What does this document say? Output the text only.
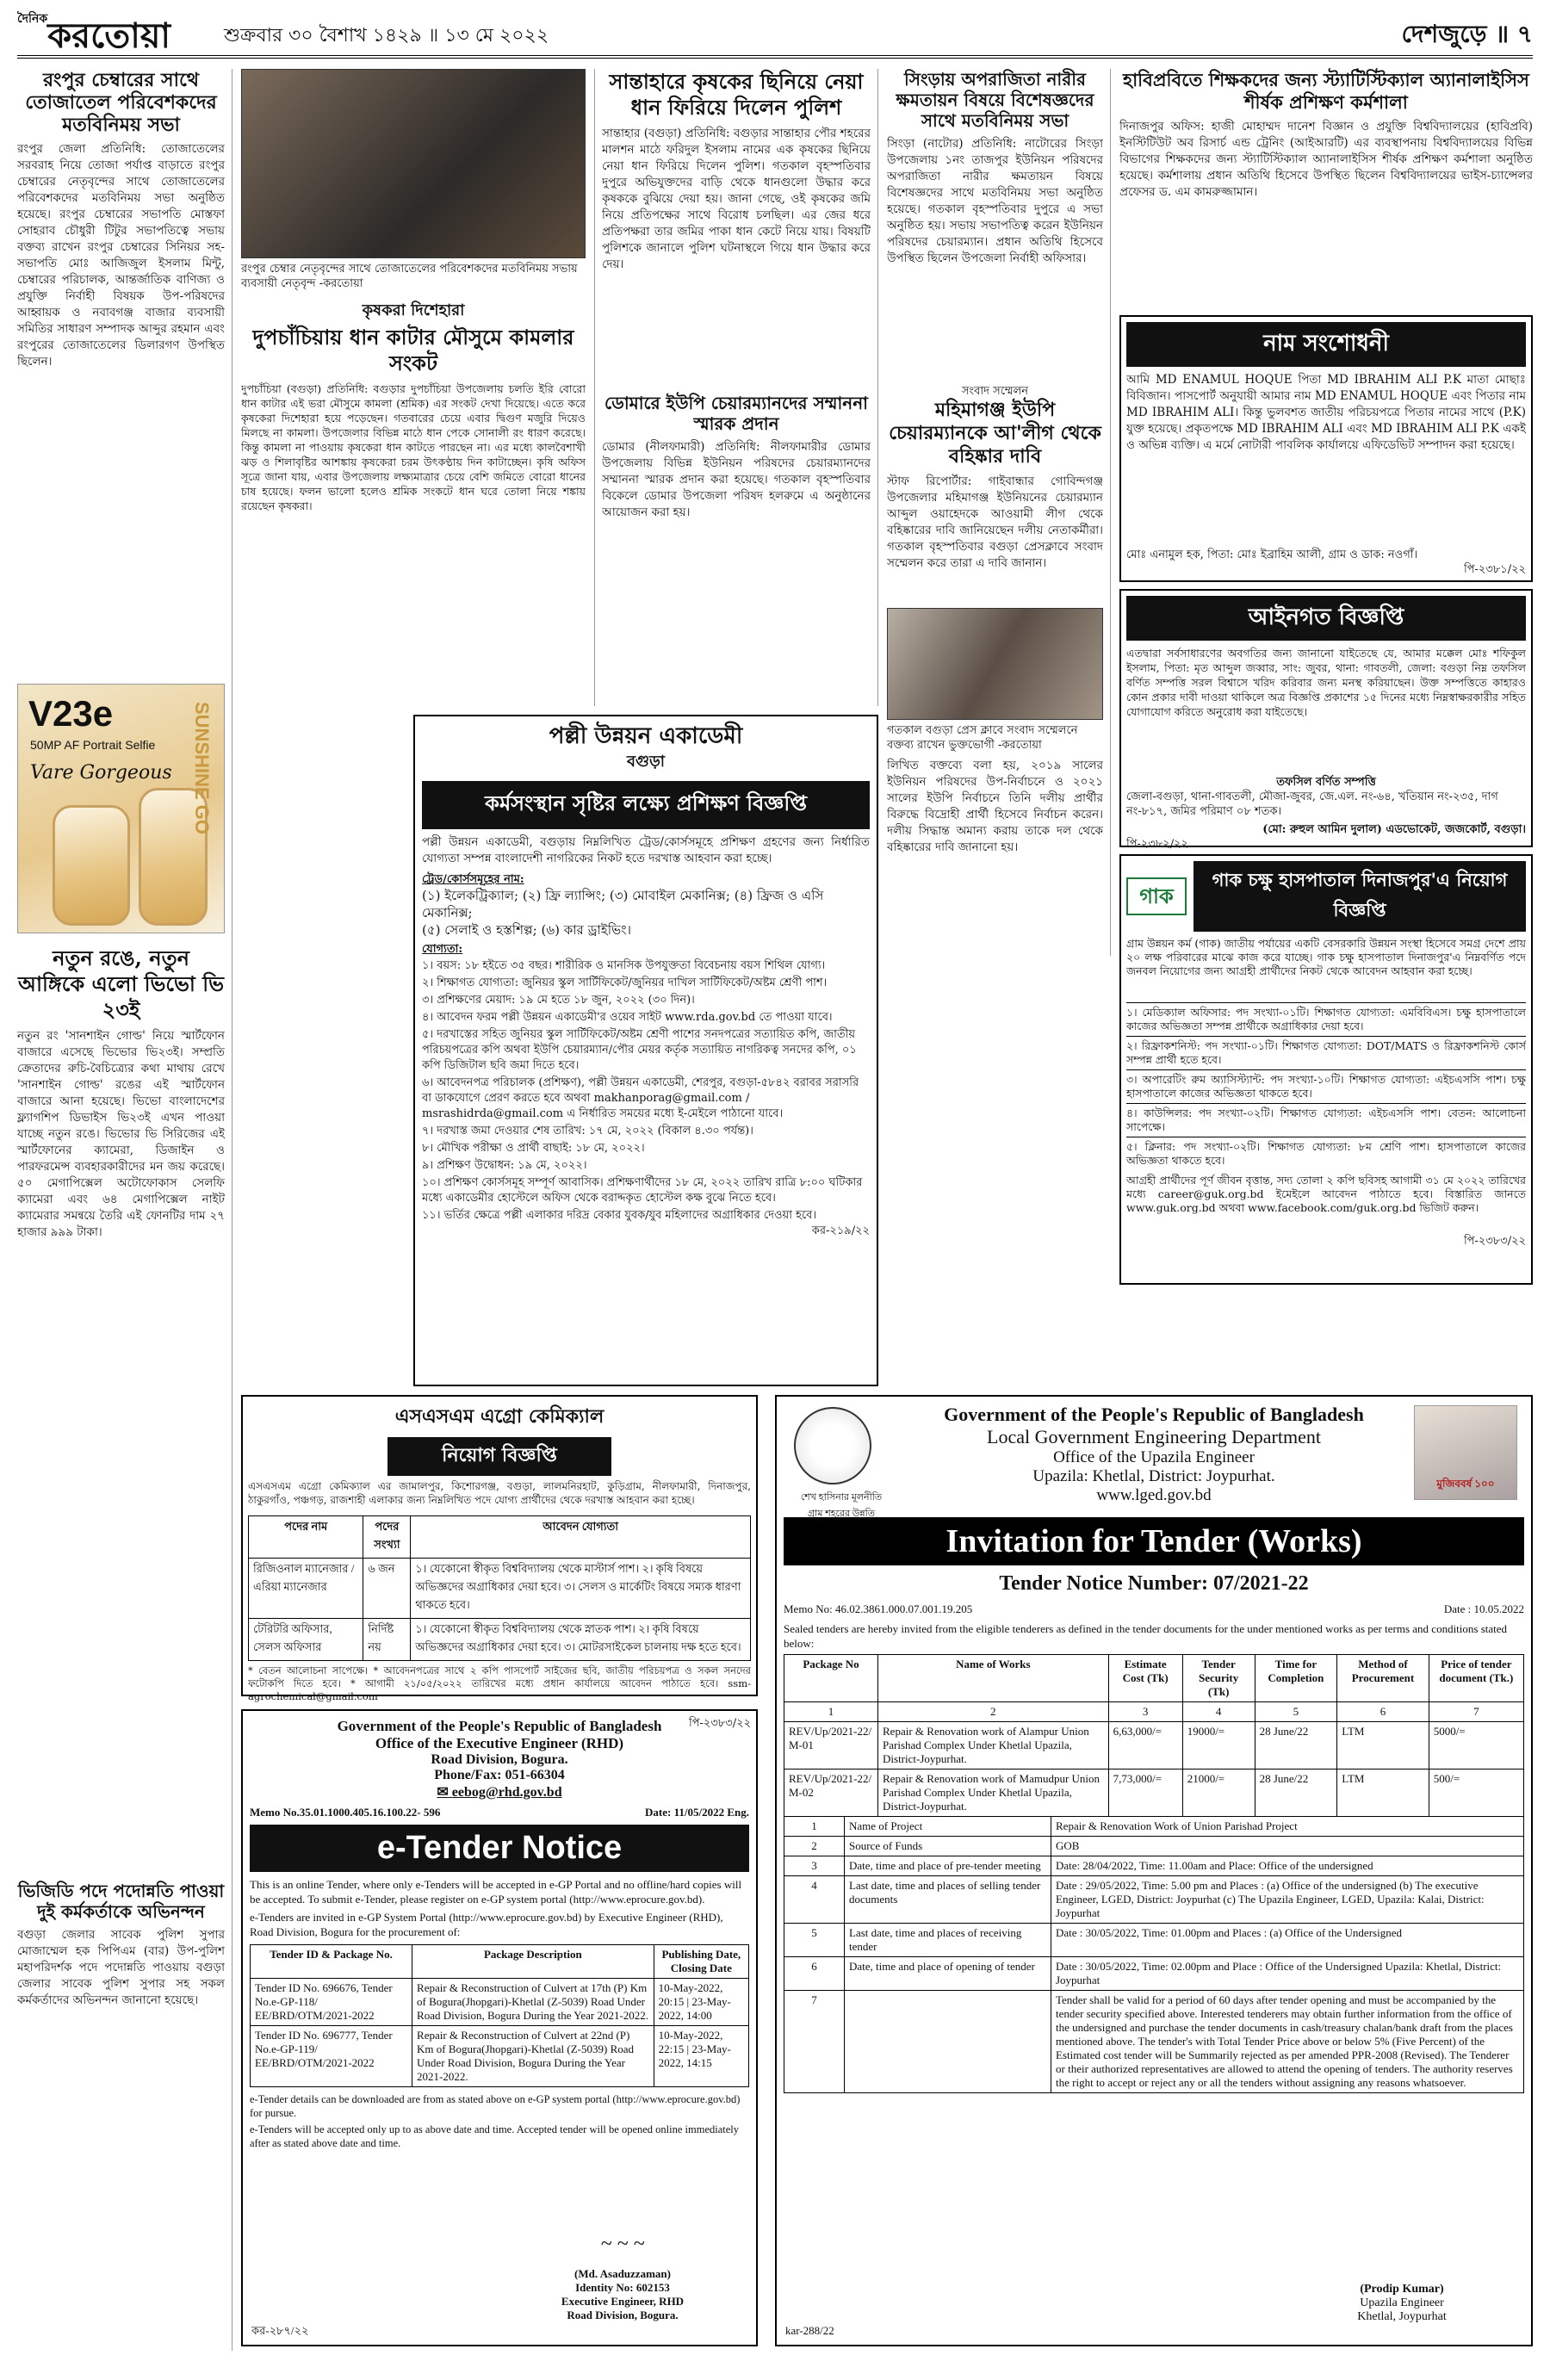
$^{দৈনিক}$করতোয়া	শুক্রবার ৩০ বৈশাখ ১৪২৯ ॥ ১৩ মে ২০২২	দেশজুড়ে ॥ ৭
রংপুর চেম্বারের সাথে তোজাতেল পরিবেশকদের মতবিনিময় সভা
রংপুর জেলা প্রতিনিধি: তোজাতেলের সরবরাহ নিয়ে তোজা পর্যাপ্ত বাড়াতে রংপুর চেম্বারের নেতৃবৃন্দের সাথে তোজাতেলের পরিবেশকদের মতবিনিময় সভা অনুষ্ঠিত হয়েছে। রংপুর চেম্বারের সভাপতি মোস্তফা সোহরাব চৌধুরী টিটুর সভাপতিত্বে সভায় বক্তব্য রাখেন রংপুর চেম্বারের সিনিয়র সহ-সভাপতি মোঃ আজিজুল ইসলাম মিন্টু, চেম্বারের পরিচালক, আন্তর্জাতিক বাণিজ্য ও প্রযুক্তি নির্বাহী বিষয়ক উপ-পরিষদের আহ্বায়ক ও নবাবগঞ্জ বাজার ব্যবসায়ী সমিতির সাধারণ সম্পাদক আব্দুর রহমান এবং রংপুরের তোজাতেলের ডিলারগণ উপস্থিত ছিলেন।
V23e
50MP AF Portrait Selfie
Vare Gorgeous SUNSHINE GO
নতুন রঙে, নতুন আঙ্গিকে এলো ভিভো ভি ২৩ই
নতুন রং 'সানশাইন গোল্ড' নিয়ে স্মার্টফোন বাজারে এসেছে ভিভোর ভি২৩ই। সম্প্রতি ক্রেতাদের রুচি-বৈচিত্র্যের কথা মাথায় রেখে 'সানশাইন গোল্ড' রঙের এই স্মার্টফোন বাজারে আনা হয়েছে। ভিভো বাংলাদেশের ফ্ল্যাগশিপ ডিভাইস ভি২৩ই এখন পাওয়া যাচ্ছে নতুন রঙে। ভিভোর ভি সিরিজের এই স্মার্টফোনের ক্যামেরা, ডিজাইন ও পারফরমেন্স ব্যবহারকারীদের মন জয় করেছে। ৫০ মেগাপিক্সেল অটোফোকাস সেলফি ক্যামেরা এবং ৬৪ মেগাপিক্সেল নাইট ক্যামেরার সমন্বয়ে তৈরি এই ফোনটির দাম ২৭ হাজার ৯৯৯ টাকা।
ভিজিডি পদে পদোন্নতি পাওয়া দুই কর্মকর্তাকে অভিনন্দন
বগুড়া জেলার সাবেক পুলিশ সুপার মোজাম্মেল হক পিপিএম (বার) উপ-পুলিশ মহাপরিদর্শক পদে পদোন্নতি পাওয়ায় বগুড়া জেলার সাবেক পুলিশ সুপার সহ সকল কর্মকর্তাদের অভিনন্দন জানানো হয়েছে।
রংপুর চেম্বার নেতৃবৃন্দের সাথে তোজাতেলের পরিবেশকদের মতবিনিময় সভায় ব্যবসায়ী নেতৃবৃন্দ -করতোয়া
কৃষকরা দিশেহারা
দুপচাঁচিয়ায় ধান কাটার মৌসুমে কামলার সংকট
দুপচাঁচিয়া (বগুড়া) প্রতিনিধি: বগুড়ার দুপচাঁচিয়া উপজেলায় চলতি ইরি বোরো ধান কাটার এই ভরা মৌসুমে কামলা (শ্রমিক) এর সংকট দেখা দিয়েছে। এতে করে কৃষকেরা দিশেহারা হয়ে পড়েছেন। গতবারের চেয়ে এবার দ্বিগুণ মজুরি দিয়েও মিলছে না কামলা। উপজেলার বিভিন্ন মাঠে ধান পেকে সোনালী রং ধারণ করেছে। কিন্তু কামলা না পাওয়ায় কৃষকেরা ধান কাটতে পারছেন না। এর মধ্যে কালবৈশাখী ঝড় ও শিলাবৃষ্টির আশঙ্কায় কৃষকেরা চরম উৎকণ্ঠায় দিন কাটাচ্ছেন। কৃষি অফিস সূত্রে জানা যায়, এবার উপজেলায় লক্ষ্যমাত্রার চেয়ে বেশি জমিতে বোরো ধানের চাষ হয়েছে। ফলন ভালো হলেও শ্রমিক সংকটে ধান ঘরে তোলা নিয়ে শঙ্কায় রয়েছেন কৃষকরা।
সান্তাহারে কৃষকের ছিনিয়ে নেয়া ধান ফিরিয়ে দিলেন পুলিশ
সান্তাহার (বগুড়া) প্রতিনিধি: বগুড়ার সান্তাহার পৌর শহরের মালশন মাঠে ফরিদুল ইসলাম নামের এক কৃষকের ছিনিয়ে নেয়া ধান ফিরিয়ে দিলেন পুলিশ। গতকাল বৃহস্পতিবার দুপুরে অভিযুক্তদের বাড়ি থেকে ধানগুলো উদ্ধার করে কৃষককে বুঝিয়ে দেয়া হয়। জানা গেছে, ওই কৃষকের জমি নিয়ে প্রতিপক্ষের সাথে বিরোধ চলছিল। এর জের ধরে প্রতিপক্ষরা তার জমির পাকা ধান কেটে নিয়ে যায়। বিষয়টি পুলিশকে জানালে পুলিশ ঘটনাস্থলে গিয়ে ধান উদ্ধার করে দেয়।
ডোমারে ইউপি চেয়ারম্যানদের সম্মাননা স্মারক প্রদান
ডোমার (নীলফামারী) প্রতিনিধি: নীলফামারীর ডোমার উপজেলায় বিভিন্ন ইউনিয়ন পরিষদের চেয়ারম্যানদের সম্মাননা স্মারক প্রদান করা হয়েছে। গতকাল বৃহস্পতিবার বিকেলে ডোমার উপজেলা পরিষদ হলরুমে এ অনুষ্ঠানের আয়োজন করা হয়।
সিংড়ায় অপরাজিতা নারীর ক্ষমতায়ন বিষয়ে বিশেষজ্ঞদের সাথে মতবিনিময় সভা
সিংড়া (নাটোর) প্রতিনিধি: নাটোরের সিংড়া উপজেলায় ১নং তাজপুর ইউনিয়ন পরিষদের অপরাজিতা নারীর ক্ষমতায়ন বিষয়ে বিশেষজ্ঞদের সাথে মতবিনিময় সভা অনুষ্ঠিত হয়েছে। গতকাল বৃহস্পতিবার দুপুরে এ সভা অনুষ্ঠিত হয়। সভায় সভাপতিত্ব করেন ইউনিয়ন পরিষদের চেয়ারম্যান। প্রধান অতিথি হিসেবে উপস্থিত ছিলেন উপজেলা নির্বাহী অফিসার।
সংবাদ সম্মেলন
মহিমাগঞ্জ ইউপি চেয়ারম্যানকে আ'লীগ থেকে বহিষ্কার দাবি
স্টাফ রিপোর্টার: গাইবান্ধার গোবিন্দগঞ্জ উপজেলার মহিমাগঞ্জ ইউনিয়নের চেয়ারম্যান আব্দুল ওয়াহেদকে আওয়ামী লীগ থেকে বহিষ্কারের দাবি জানিয়েছেন দলীয় নেতাকর্মীরা। গতকাল বৃহস্পতিবার বগুড়া প্রেসক্লাবে সংবাদ সম্মেলন করে তারা এ দাবি জানান।
গতকাল বগুড়া প্রেস ক্লাবে সংবাদ সম্মেলনে বক্তব্য রাখেন ভুক্তভোগী -করতোয়া
লিখিত বক্তব্যে বলা হয়, ২০১৯ সালের ইউনিয়ন পরিষদের উপ-নির্বাচনে ও ২০২১ সালের ইউপি নির্বাচনে তিনি দলীয় প্রার্থীর বিরুদ্ধে বিদ্রোহী প্রার্থী হিসেবে নির্বাচন করেন। দলীয় সিদ্ধান্ত অমান্য করায় তাকে দল থেকে বহিষ্কারের দাবি জানানো হয়।
হাবিপ্রবিতে শিক্ষকদের জন্য স্ট্যাটিস্টিক্যাল অ্যানালাইসিস শীর্ষক প্রশিক্ষণ কর্মশালা
দিনাজপুর অফিস: হাজী মোহাম্মদ দানেশ বিজ্ঞান ও প্রযুক্তি বিশ্ববিদ্যালয়ের (হাবিপ্রবি) ইনস্টিটিউট অব রিসার্চ এন্ড ট্রেনিং (আইআরটি) এর ব্যবস্থাপনায় বিশ্ববিদ্যালয়ের বিভিন্ন বিভাগের শিক্ষকদের জন্য স্ট্যাটিস্টিক্যাল অ্যানালাইসিস শীর্ষক প্রশিক্ষণ কর্মশালা অনুষ্ঠিত হয়েছে। কর্মশালায় প্রধান অতিথি হিসেবে উপস্থিত ছিলেন বিশ্ববিদ্যালয়ের ভাইস-চ্যান্সেলর প্রফেসর ড. এম কামরুজ্জামান।
নাম সংশোধনী
আমি MD ENAMUL HOQUE পিতা MD IBRAHIM ALI P.K মাতা মোছাঃ বিবিজান। পাসপোর্ট অনুযায়ী আমার নাম MD ENAMUL HOQUE এবং পিতার নাম MD IBRAHIM ALI। কিন্তু ভুলবশত জাতীয় পরিচয়পত্রে পিতার নামের সাথে (P.K) যুক্ত হয়েছে। প্রকৃতপক্ষে MD IBRAHIM ALI এবং MD IBRAHIM ALI P.K একই ও অভিন্ন ব্যক্তি। এ মর্মে নোটারী পাবলিক কার্যালয়ে এফিডেভিট সম্পাদন করা হয়েছে।
মোঃ এনামুল হক, পিতা: মোঃ ইব্রাহিম আলী, গ্রাম ও ডাক: নওগাঁ।
পি-২৩৮১/২২
আইনগত বিজ্ঞপ্তি
এতদ্বারা সর্বসাধারণের অবগতির জন্য জানানো যাইতেছে যে, আমার মক্কেল মোঃ শফিকুল ইসলাম, পিতা: মৃত আব্দুল জব্বার, সাং: জুবর, থানা: গাবতলী, জেলা: বগুড়া নিম্ন তফসিল বর্ণিত সম্পত্তি সরল বিশ্বাসে খরিদ করিবার জন্য মনস্থ করিয়াছেন। উক্ত সম্পত্তিতে কাহারও কোন প্রকার দাবী দাওয়া থাকিলে অত্র বিজ্ঞপ্তি প্রকাশের ১৫ দিনের মধ্যে নিম্নস্বাক্ষরকারীর সহিত যোগাযোগ করিতে অনুরোধ করা যাইতেছে।
তফসিল বর্ণিত সম্পত্তি
জেলা-বগুড়া, থানা-গাবতলী, মৌজা-জুবর, জে.এল. নং-৬৪, খতিয়ান নং-২৩৫, দাগ নং-৮১৭, জমির পরিমাণ ০৮ শতক।
(মো: রুহুল আমিন দুলাল) এডভোকেট, জজকোর্ট, বগুড়া।
পি-২৩৮২/২২
গাক
গাক চক্ষু হাসপাতাল দিনাজপুর'এ নিয়োগ বিজ্ঞপ্তি
গ্রাম উন্নয়ন কর্ম (গাক) জাতীয় পর্যায়ের একটি বেসরকারি উন্নয়ন সংস্থা হিসেবে সমগ্র দেশে প্রায় ২০ লক্ষ পরিবারের মাঝে কাজ করে যাচ্ছে। গাক চক্ষু হাসপাতাল দিনাজপুর'এ নিম্নবর্ণিত পদে জনবল নিয়োগের জন্য আগ্রহী প্রার্থীদের নিকট থেকে আবেদন আহবান করা হচ্ছে।
১। মেডিক্যাল অফিসার: পদ সংখ্যা-০১টি। শিক্ষাগত যোগ্যতা: এমবিবিএস। চক্ষু হাসপাতালে কাজের অভিজ্ঞতা সম্পন্ন প্রার্থীকে অগ্রাধিকার দেয়া হবে।
২। রিফ্রাকশনিস্ট: পদ সংখ্যা-০১টি। শিক্ষাগত যোগ্যতা: DOT/MATS ও রিফ্রাকশনিস্ট কোর্স সম্পন্ন প্রার্থী হতে হবে।
৩। অপারেটিং রুম অ্যাসিস্ট্যান্ট: পদ সংখ্যা-১০টি। শিক্ষাগত যোগ্যতা: এইচএসসি পাশ। চক্ষু হাসপাতালে কাজের অভিজ্ঞতা থাকতে হবে।
৪। কাউন্সিলর: পদ সংখ্যা-০২টি। শিক্ষাগত যোগ্যতা: এইচএসসি পাশ। বেতন: আলোচনা সাপেক্ষে।
৫। ক্লিনার: পদ সংখ্যা-০২টি। শিক্ষাগত যোগ্যতা: ৮ম শ্রেণি পাশ। হাসপাতালে কাজের অভিজ্ঞতা থাকতে হবে।
আগ্রহী প্রার্থীদের পূর্ণ জীবন বৃত্তান্ত, সদ্য তোলা ২ কপি ছবিসহ আগামী ৩১ মে ২০২২ তারিখের মধ্যে career@guk.org.bd ইমেইলে আবেদন পাঠাতে হবে। বিস্তারিত জানতে www.guk.org.bd অথবা www.facebook.com/guk.org.bd ভিজিট করুন।
পি-২৩৮৩/২২
পল্লী উন্নয়ন একাডেমী
বগুড়া
কর্মসংস্থান সৃষ্টির লক্ষ্যে প্রশিক্ষণ বিজ্ঞপ্তি
পল্লী উন্নয়ন একাডেমী, বগুড়ায় নিম্নলিখিত ট্রেড/কোর্সসমূহে প্রশিক্ষণ গ্রহণের জন্য নির্ধারিত যোগ্যতা সম্পন্ন বাংলাদেশী নাগরিকের নিকট হতে দরখাস্ত আহবান করা হচ্ছে।
ট্রেড/কোর্সসমূহের নাম:
(১) ইলেকট্রিক্যাল; (২) ফ্রি ল্যান্সিং; (৩) মোবাইল মেকানিক্স; (৪) ফ্রিজ ও এসি মেকানিক্স;
(৫) সেলাই ও হস্তশিল্প; (৬) কার ড্রাইভিং।
যোগ্যতা:
১। বয়স: ১৮ হইতে ৩৫ বছর। শারীরিক ও মানসিক উপযুক্ততা বিবেচনায় বয়স শিথিল যোগ্য।
২। শিক্ষাগত যোগ্যতা: জুনিয়র স্কুল সার্টিফিকেট/জুনিয়র দাখিল সার্টিফিকেট/অষ্টম শ্রেণী পাশ।
৩। প্রশিক্ষণের মেয়াদ: ১৯ মে হতে ১৮ জুন, ২০২২ (৩০ দিন)।
৪। আবেদন ফরম পল্লী উন্নয়ন একাডেমী'র ওয়েব সাইট www.rda.gov.bd তে পাওয়া যাবে।
৫। দরখাস্তের সহিত জুনিয়র স্কুল সার্টিফিকেট/অষ্টম শ্রেণী পাশের সনদপত্রের সত্যায়িত কপি, জাতীয় পরিচয়পত্রের কপি অথবা ইউপি চেয়ারম্যান/পৌর মেয়র কর্তৃক সত্যায়িত নাগরিকত্ব সনদের কপি, ০১ কপি ডিজিটাল ছবি জমা দিতে হবে।
৬। আবেদনপত্র পরিচালক (প্রশিক্ষণ), পল্লী উন্নয়ন একাডেমী, শেরপুর, বগুড়া-৫৮৪২ বরাবর সরাসরি বা ডাকযোগে প্রেরণ করতে হবে অথবা makhanporag@gmail.com / msrashidrda@gmail.com এ নির্ধারিত সময়ের মধ্যে ই-মেইলে পাঠানো যাবে।
৭। দরখাস্ত জমা দেওয়ার শেষ তারিখ: ১৭ মে, ২০২২ (বিকাল ৪.৩০ পর্যন্ত)।
৮। মৌখিক পরীক্ষা ও প্রার্থী বাছাই: ১৮ মে, ২০২২।
৯। প্রশিক্ষণ উদ্বোধন: ১৯ মে, ২০২২।
১০। প্রশিক্ষণ কোর্সসমূহ সম্পূর্ণ আবাসিক। প্রশিক্ষণার্থীদের ১৮ মে, ২০২২ তারিখ রাত্রি ৮:০০ ঘটিকার মধ্যে একাডেমীর হোস্টেলে অফিস থেকে বরাদ্দকৃত হোস্টেল কক্ষ বুঝে নিতে হবে।
১১। ভর্তির ক্ষেত্রে পল্লী এলাকার দরিদ্র বেকার যুবক/যুব মহিলাদের অগ্রাধিকার দেওয়া হবে।
কর-২১৯/২২
এসএসএম এগ্রো কেমিক্যাল
নিয়োগ বিজ্ঞপ্তি
এসএসএম এগ্রো কেমিক্যাল এর জামালপুর, কিশোরগঞ্জ, বগুড়া, লালমনিরহাট, কুড়িগ্রাম, নীলফামারী, দিনাজপুর, ঠাকুরগাঁও, পঞ্চগড়, রাজশাহী এলাকার জন্য নিম্নলিখিত পদে যোগ্য প্রার্থীদের থেকে দরখাস্ত আহবান করা হচ্ছে।
পদের নাম	পদের সংখ্যা	আবেদন যোগ্যতা
রিজিওনাল ম্যানেজার / এরিয়া ম্যানেজার	৬ জন	১। যেকোনো স্বীকৃত বিশ্ববিদ্যালয় থেকে মাস্টার্স পাশ। ২। কৃষি বিষয়ে অভিজ্ঞদের অগ্রাধিকার দেয়া হবে। ৩। সেলস ও মার্কেটিং বিষয়ে সম্যক ধারণা থাকতে হবে।
টেরিটরি অফিসার, সেলস অফিসার	নির্দিষ্ট নয়	১। যেকোনো স্বীকৃত বিশ্ববিদ্যালয় থেকে স্নাতক পাশ। ২। কৃষি বিষয়ে অভিজ্ঞদের অগ্রাধিকার দেয়া হবে। ৩। মোটরসাইকেল চালনায় দক্ষ হতে হবে।
* বেতন আলোচনা সাপেক্ষে। * আবেদনপত্রের সাথে ২ কপি পাসপোর্ট সাইজের ছবি, জাতীয় পরিচয়পত্র ও সকল সনদের ফটোকপি দিতে হবে। * আগামী ২১/০৫/২০২২ তারিখের মধ্যে প্রধান কার্যালয়ে আবেদন পাঠাতে হবে। ssm-agrochemical@gmail.com
পি-২৩৮৩/২২
Government of the People's Republic of Bangladesh
Office of the Executive Engineer (RHD)
Road Division, Bogura.
Phone/Fax: 051-66304
✉ eebog@rhd.gov.bd
Memo No.35.01.1000.405.16.100.22- 596	Date: 11/05/2022 Eng.
e-Tender Notice
This is an online Tender, where only e-Tenders will be accepted in e-GP Portal and no offline/hard copies will be accepted. To submit e-Tender, please register on e-GP system portal (http://www.eprocure.gov.bd).
e-Tenders are invited in e-GP System Portal (http://www.eprocure.gov.bd) by Executive Engineer (RHD), Road Division, Bogura for the procurement of:
Tender ID & Package No.	Package Description	Publishing Date, Closing Date
Tender ID No. 696676, Tender No.e-GP-118/ EE/BRD/OTM/2021-2022	Repair & Reconstruction of Culvert at 17th (P) Km of Bogura(Jhopgari)-Khetlal (Z-5039) Road Under Road Division, Bogura During the Year 2021-2022.	10-May-2022, 20:15 | 23-May-2022, 14:00
Tender ID No. 696777, Tender No.e-GP-119/ EE/BRD/OTM/2021-2022	Repair & Reconstruction of Culvert at 22nd (P) Km of Bogura(Jhopgari)-Khetlal (Z-5039) Road Under Road Division, Bogura During the Year 2021-2022.	10-May-2022, 22:15 | 23-May-2022, 14:15
e-Tender details can be downloaded are from as stated above on e-GP system portal (http://www.eprocure.gov.bd) for pursue.
e-Tenders will be accepted only up to as above date and time. Accepted tender will be opened online immediately after as stated above date and time.
~ ~ ~
(Md. Asaduzzaman)
Identity No: 602153
Executive Engineer, RHD
Road Division, Bogura.
কর-২৮৭/২২
শেখ হাসিনার মূলনীতি গ্রাম শহরের উন্নতি
মুজিববর্ষ ১০০
Government of the People's Republic of Bangladesh
Local Government Engineering Department
Office of the Upazila Engineer
Upazila: Khetlal, District: Joypurhat.
www.lged.gov.bd
Invitation for Tender (Works)
Tender Notice Number: 07/2021-22
Memo No: 46.02.3861.000.07.001.19.205	Date : 10.05.2022
Sealed tenders are hereby invited from the eligible tenderers as defined in the tender documents for the under mentioned works as per terms and conditions stated below:
Package No	Name of Works	Estimate Cost (Tk)	Tender Security (Tk)	Time for Completion	Method of Procurement	Price of tender document (Tk.)
1	2	3	4	5	6	7
REV/Up/2021-22/ M-01	Repair & Renovation work of Alampur Union Parishad Complex Under Khetlal Upazila, District-Joypurhat.	6,63,000/=	19000/=	28 June/22	LTM	5000/=
REV/Up/2021-22/ M-02	Repair & Renovation work of Mamudpur Union Parishad Complex Under Khetlal Upazila, District-Joypurhat.	7,73,000/=	21000/=	28 June/22	LTM	500/=
1	Name of Project	Repair & Renovation Work of Union Parishad Project
2	Source of Funds	GOB
3	Date, time and place of pre-tender meeting	Date: 28/04/2022, Time: 11.00am and Place: Office of the undersigned
4	Last date, time and places of selling tender documents	Date : 29/05/2022, Time: 5.00 pm and Places : (a) Office of the undersigned (b) The executive Engineer, LGED, District: Joypurhat (c) The Upazila Engineer, LGED, Upazila: Kalai, District: Joypurhat
5	Last date, time and places of receiving tender	Date : 30/05/2022, Time: 01.00pm and Places : (a) Office of the Undersigned
6	Date, time and place of opening of tender	Date : 30/05/2022, Time: 02.00pm and Place : Office of the Undersigned Upazila: Khetlal, District: Joypurhat
7		Tender shall be valid for a period of 60 days after tender opening and must be accompanied by the tender security specified above. Interested tenderers may obtain further information from the office of the undersigned and purchase the tender documents in cash/treasury chalan/bank draft from the places mentioned above. The tender's with Total Tender Price above or below 5% (Five Percent) of the Estimated cost tender will be Summarily rejected as per amended PPR-2008 (Revised). The Tenderer or their authorized representatives are allowed to attend the opening of tenders. The authority reserves the right to accept or reject any or all the tenders without assigning any reasons whatsoever.
(Prodip Kumar)
Upazila Engineer
Khetlal, Joypurhat
kar-288/22
